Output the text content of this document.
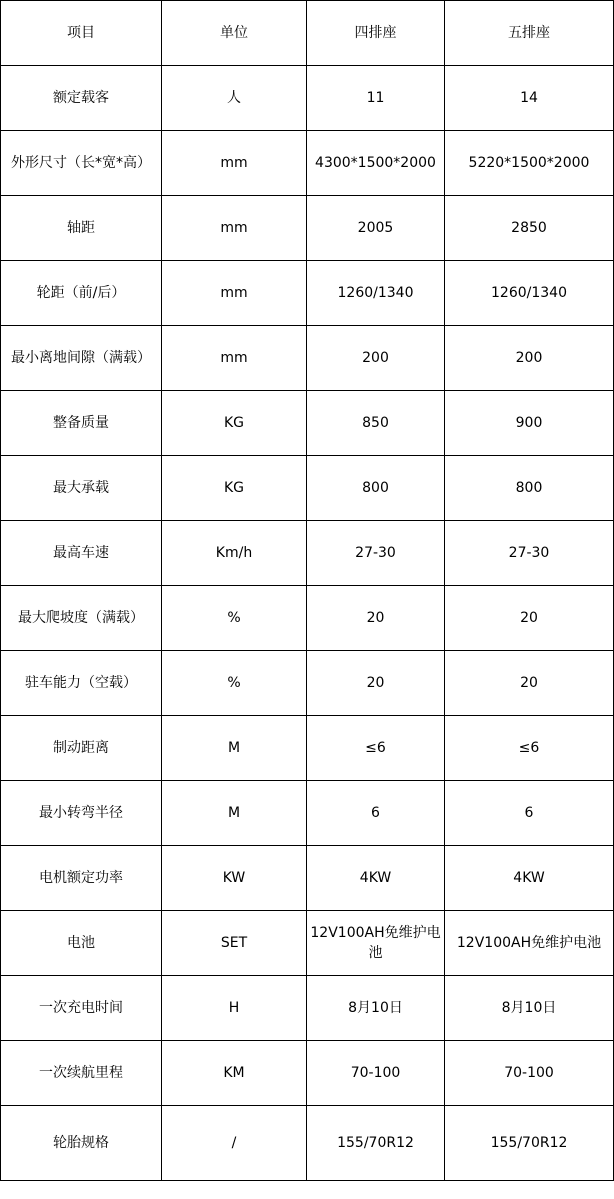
项目	单位	四排座	五排座
额定载客	人	11	14
外形尺寸（长*宽*高）	mm	4300*1500*2000	5220*1500*2000
轴距	mm	2005	2850
轮距（前/后）	mm	1260/1340	1260/1340
最小离地间隙（满载）	mm	200	200
整备质量	KG	850	900
最大承载	KG	800	800
最高车速	Km/h	27-30	27-30
最大爬坡度（满载）	%	20	20
驻车能力（空载）	%	20	20
制动距离	M	≤6	≤6
最小转弯半径	M	6	6
电机额定功率	KW	4KW	4KW
电池	SET	12V100AH免维护电池	12V100AH免维护电池
一次充电时间	H	8月10日	8月10日
一次续航里程	KM	70-100	70-100
轮胎规格	/	155/70R12	155/70R12
